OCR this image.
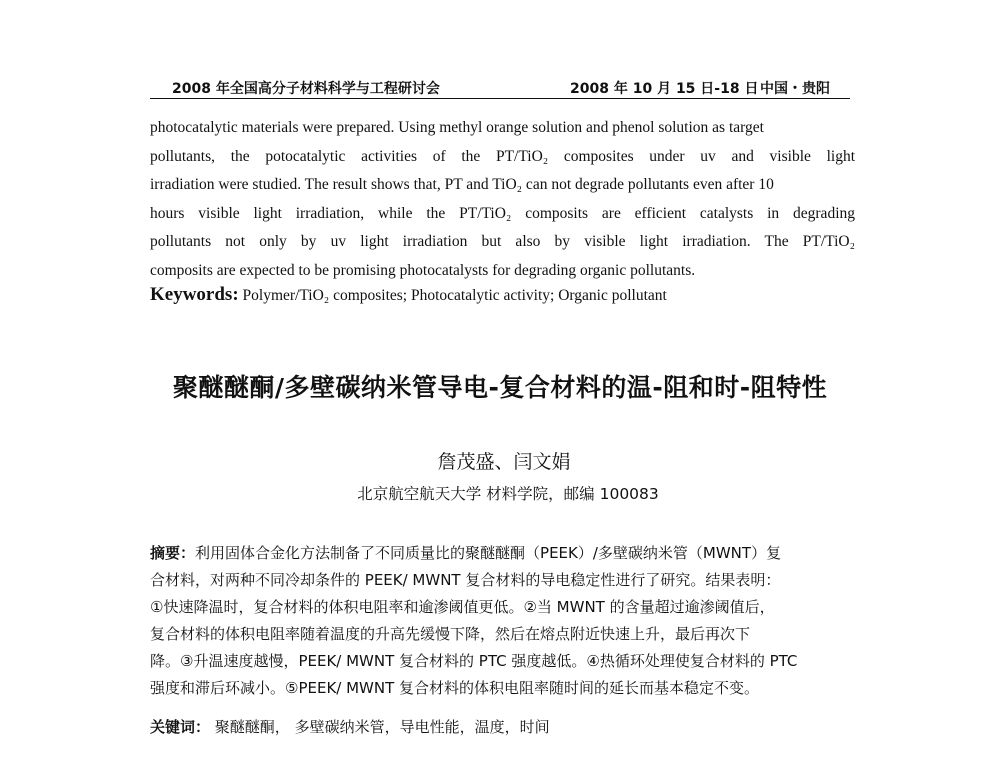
2008 年全国高分子材料科学与工程研讨会	2008 年 10 月 15 日-18 日 中国・贵阳
photocatalytic materials were prepared. Using methyl orange solution and phenol solution as target
pollutants, the potocatalytic activities of the PT/TiO₂ composites under uv and visible light
irradiation were studied. The result shows that, PT and TiO₂ can not degrade pollutants even after 10
hours visible light irradiation, while the PT/TiO₂ composits are efficient catalysts in degrading
pollutants not only by uv light irradiation but also by visible light irradiation. The PT/TiO₂
composits are expected to be promising photocatalysts for degrading organic pollutants.
Keywords: Polymer/TiO₂ composites; Photocatalytic activity; Organic pollutant
聚醚醚酮/多壁碳纳米管导电-复合材料的温-阻和时-阻特性
詹茂盛、闫文娟
北京航空航天大学 材料学院，邮编 100083
摘要：利用固体合金化方法制备了不同质量比的聚醚醚酮（PEEK）/多壁碳纳米管（MWNT）复
合材料，对两种不同冷却条件的 PEEK/ MWNT 复合材料的导电稳定性进行了研究。结果表明：
①快速降温时，复合材料的体积电阻率和逾渗阈值更低。②当 MWNT 的含量超过逾渗阈值后，
复合材料的体积电阻率随着温度的升高先缓慢下降，然后在熔点附近快速上升，最后再次下
降。③升温速度越慢，PEEK/ MWNT 复合材料的 PTC 强度越低。④热循环处理使复合材料的 PTC
强度和滞后环减小。⑤PEEK/ MWNT 复合材料的体积电阻率随时间的延长而基本稳定不变。
关键词： 聚醚醚酮， 多壁碳纳米管，导电性能，温度，时间
